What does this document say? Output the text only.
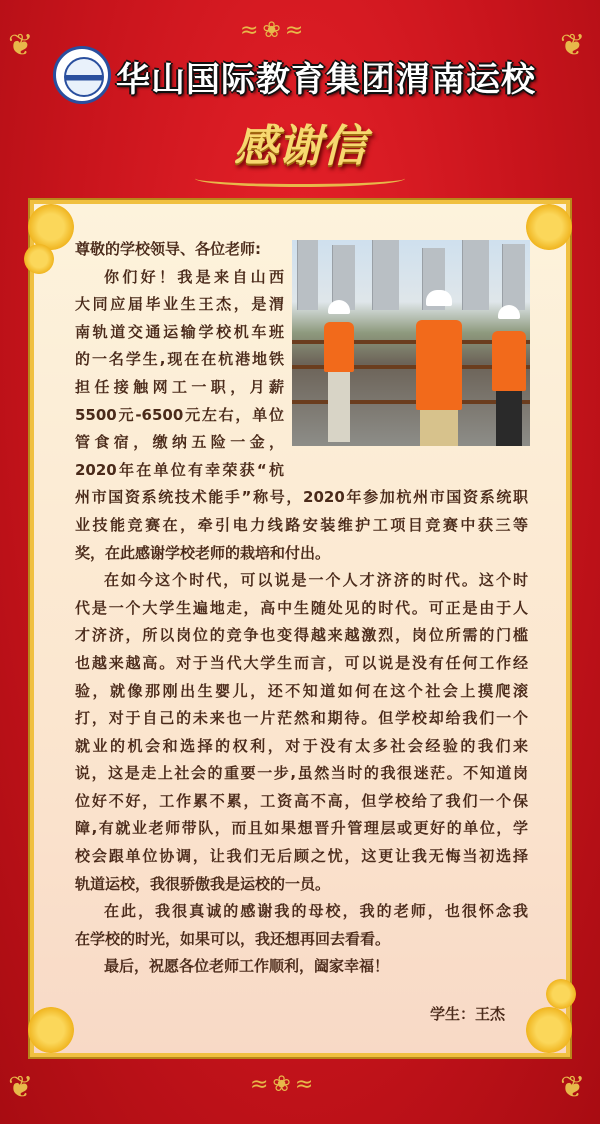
❦	❦
≈❀≈
华山国际教育集团渭南运校
感谢信
尊敬的学校领导、各位老师:
你们好！我是来自山西
大同应届毕业生王杰，是渭
南轨道交通运输学校机车班
的一名学生,现在在杭港地铁
担任接触网工一职，月薪
5500元-6500元左右，单位
管食宿，缴纳五险一金，
2020年在单位有幸荣获“杭
州市国资系统技术能手”称号，2020年参加杭州市国资系统职
业技能竞赛在，牵引电力线路安装维护工项目竞赛中获三等
奖，在此感谢学校老师的栽培和付出。
在如今这个时代，可以说是一个人才济济的时代。这个时
代是一个大学生遍地走，高中生随处见的时代。可正是由于人
才济济，所以岗位的竞争也变得越来越激烈，岗位所需的门槛
也越来越高。对于当代大学生而言，可以说是没有任何工作经
验，就像那刚出生婴儿，还不知道如何在这个社会上摸爬滚
打，对于自己的未来也一片茫然和期待。但学校却给我们一个
就业的机会和选择的权利，对于没有太多社会经验的我们来
说，这是走上社会的重要一步,虽然当时的我很迷茫。不知道岗
位好不好，工作累不累，工资高不高，但学校给了我们一个保
障,有就业老师带队，而且如果想晋升管理层或更好的单位，学
校会跟单位协调，让我们无后顾之忧，这更让我无悔当初选择
轨道运校，我很骄傲我是运校的一员。
在此，我很真诚的感谢我的母校，我的老师，也很怀念我
在学校的时光，如果可以，我还想再回去看看。
最后，祝愿各位老师工作顺利，阖家幸福！
学生：王杰
❦	❦
≈❀≈
